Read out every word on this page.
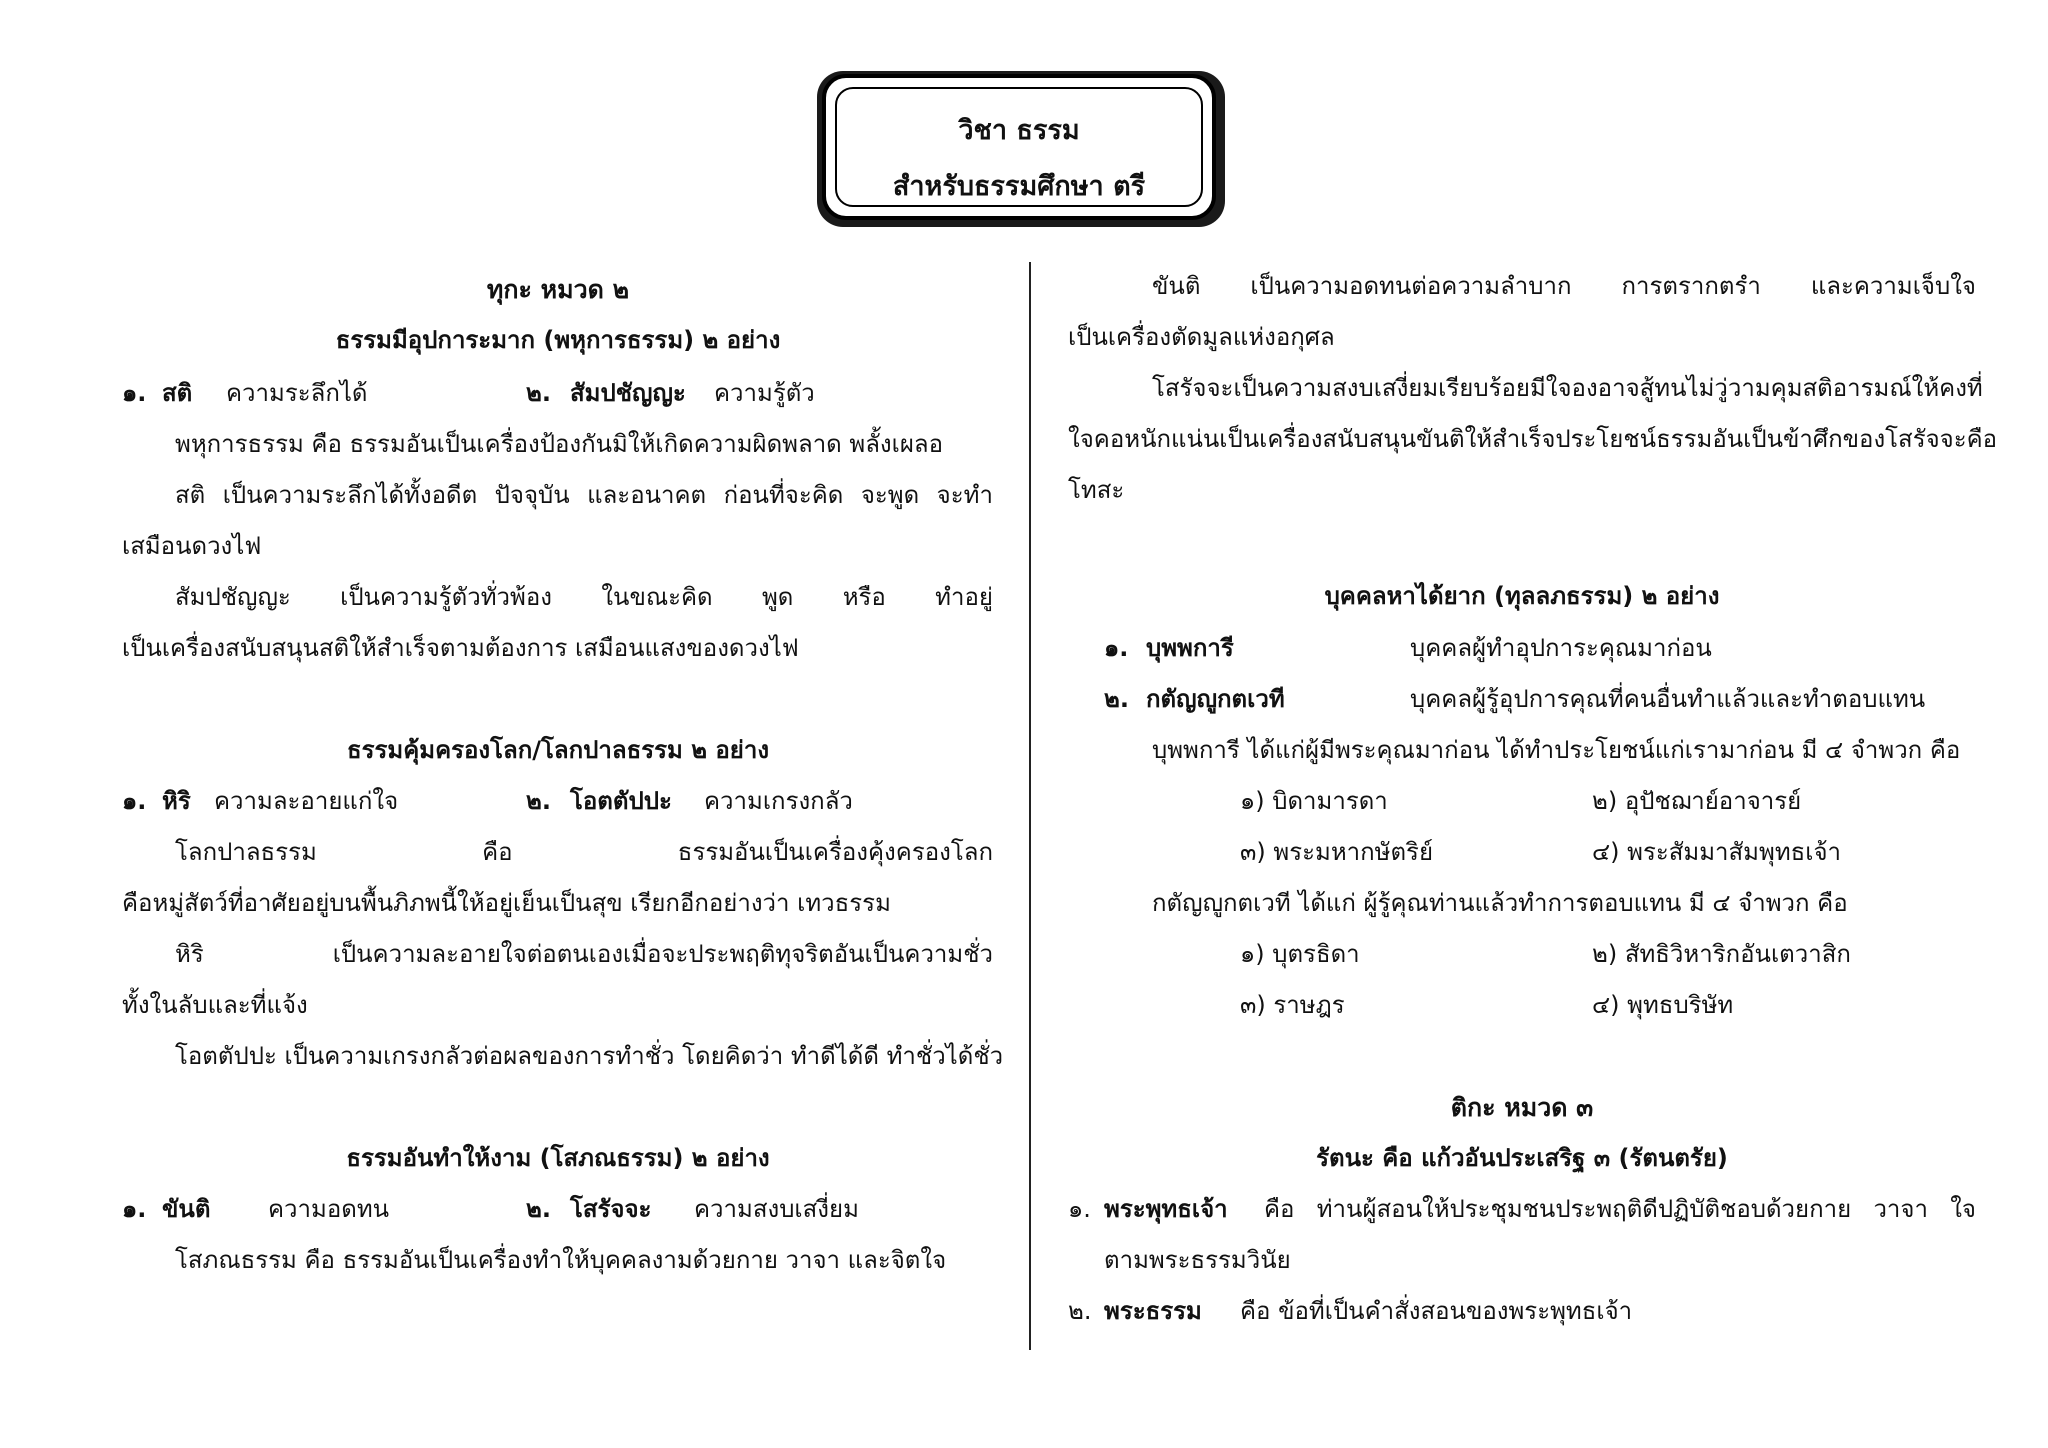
วิชา ธรรม
สำหรับธรรมศึกษา ตรี
ทุกะ หมวด ๒
ธรรมมีอุปการะมาก (พหุการธรรม) ๒ อย่าง
๑. สติ ความระลึกได้	๒. สัมปชัญญะ ความรู้ตัว
พหุการธรรม คือ ธรรมอันเป็นเครื่องป้องกันมิให้เกิดความผิดพลาด พลั้งเผลอ
สติ เป็นความระลึกได้ทั้งอดีต ปัจจุบัน และอนาคต ก่อนที่จะคิด จะพูด จะทำ
เสมือนดวงไฟ
สัมปชัญญะ เป็นความรู้ตัวทั่วพ้อง ในขณะคิด พูด หรือ ทำอยู่
เป็นเครื่องสนับสนุนสติให้สำเร็จตามต้องการ เสมือนแสงของดวงไฟ
ธรรมคุ้มครองโลก/โลกปาลธรรม ๒ อย่าง
๑. หิริ ความละอายแก่ใจ	๒. โอตตัปปะ ความเกรงกลัว
โลกปาลธรรม	คือ	ธรรมอันเป็นเครื่องคุ้งครองโลก
คือหมู่สัตว์ที่อาศัยอยู่บนพื้นภิภพนี้ให้อยู่เย็นเป็นสุข เรียกอีกอย่างว่า เทวธรรม
หิริ	เป็นความละอายใจต่อตนเองเมื่อจะประพฤติทุจริตอันเป็นความชั่ว
ทั้งในลับและที่แจ้ง
โอตตัปปะ เป็นความเกรงกลัวต่อผลของการทำชั่ว โดยคิดว่า ทำดีได้ดี ทำชั่วได้ชั่ว
ธรรมอันทำให้งาม (โสภณธรรม) ๒ อย่าง
๑. ขันติ ความอดทน	๒. โสรัจจะ ความสงบเสงี่ยม
โสภณธรรม คือ ธรรมอันเป็นเครื่องทำให้บุคคลงามด้วยกาย วาจา และจิตใจ
ขันติ เป็นความอดทนต่อความลำบาก การตรากตรำ และความเจ็บใจ
เป็นเครื่องตัดมูลแห่งอกุศล
โสรัจจะ เป็นความสงบเสงี่ยมเรียบร้อย มีใจองอาจ สู้ทน ไม่วู่วาม คุมสติ อารมณ์ให้คงที่
ใจคอหนักแน่น เป็นเครื่องสนับสนุนขันติให้สำเร็จประโยชน์ ธรรมอันเป็นข้าศึกของโสรัจจะ คือ
โทสะ
บุคคลหาได้ยาก (ทุลลภธรรม) ๒ อย่าง
๑. บุพพการี	บุคคลผู้ทำอุปการะคุณมาก่อน
๒. กตัญญูกตเวที	บุคคลผู้รู้อุปการคุณที่คนอื่นทำแล้วและทำตอบแทน
บุพพการี ได้แก่ผู้มีพระคุณมาก่อน ได้ทำประโยชน์แก่เรามาก่อน มี ๔ จำพวก คือ
๑) บิดามารดา	๒) อุปัชฌาย์อาจารย์
๓) พระมหากษัตริย์	๔) พระสัมมาสัมพุทธเจ้า
กตัญญูกตเวที ได้แก่ ผู้รู้คุณท่านแล้วทำการตอบแทน มี ๔ จำพวก คือ
๑) บุตรธิดา	๒) สัทธิวิหาริกอันเตวาสิก
๓) ราษฎร	๔) พุทธบริษัท
ติกะ หมวด ๓
รัตนะ คือ แก้วอันประเสริฐ ๓ (รัตนตรัย)
๑. พระพุทธเจ้า คือ ท่านผู้สอนให้ประชุมชนประพฤติดีปฏิบัติชอบด้วยกาย วาจา ใจ
ตามพระธรรมวินัย
๒. พระธรรม คือ ข้อที่เป็นคำสั่งสอนของพระพุทธเจ้า
